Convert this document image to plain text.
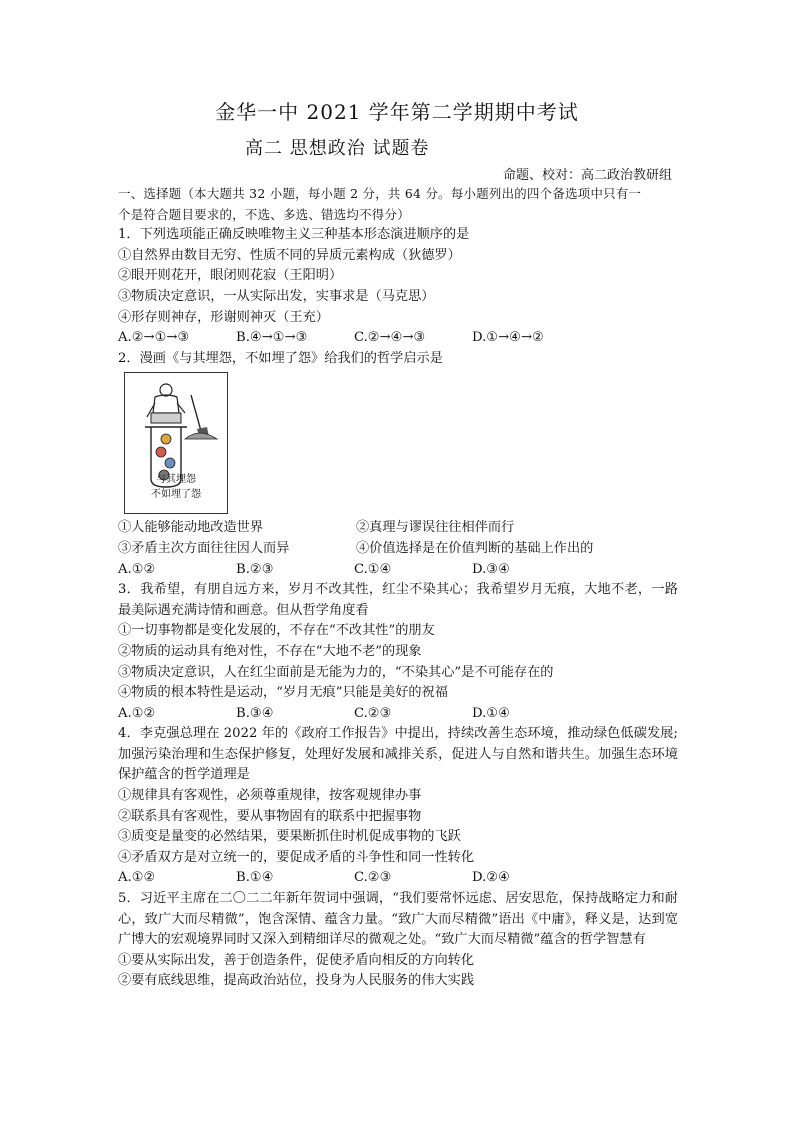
金华一中 2021 学年第二学期期中考试
高二 思想政治 试题卷
命题、校对：高二政治教研组
一、选择题（本大题共 32 小题，每小题 2 分，共 64 分。每小题列出的四个备选项中只有一
个是符合题目要求的，不选、多选、错选均不得分）
1．下列选项能正确反映唯物主义三种基本形态演进顺序的是
①自然界由数目无穷、性质不同的异质元素构成（狄德罗）
②眼开则花开，眼闭则花寂（王阳明）
③物质决定意识，一从实际出发，实事求是（马克思）
④形存则神存，形谢则神灭（王充）
A.②→①→③	B.④→①→③	C.②→④→③	D.①→④→②
2．漫画《与其埋怨，不如埋了怨》给我们的哲学启示是
与其埋怨
不如埋了怨
①人能够能动地改造世界	②真理与谬误往往相伴而行
③矛盾主次方面往往因人而异	④价值选择是在价值判断的基础上作出的
A.①②	B.②③	C.①④	D.③④
3．我希望，有朋自远方来，岁月不改其性，红尘不染其心；我希望岁月无痕，大地不老，一路最美际遇充满诗情和画意。但从哲学角度看
①一切事物都是变化发展的，不存在“不改其性”的朋友
②物质的运动具有绝对性，不存在“大地不老”的现象
③物质决定意识，人在红尘面前是无能为力的，“不染其心”是不可能存在的
④物质的根本特性是运动，“岁月无痕”只能是美好的祝福
A.①②	B.③④	C.②③	D.①④
4．李克强总理在 2022 年的《政府工作报告》中提出，持续改善生态环境，推动绿色低碳发展; 加强污染治理和生态保护修复，处理好发展和减排关系，促进人与自然和谐共生。加强生态环境保护蕴含的哲学道理是
①规律具有客观性，必须尊重规律，按客观规律办事
②联系具有客观性，要从事物固有的联系中把握事物
③质变是量变的必然结果，要果断抓住时机促成事物的飞跃
④矛盾双方是对立统一的，要促成矛盾的斗争性和同一性转化
A.①②	B.①④	C.②③	D.②④
5．习近平主席在二〇二二年新年贺词中强调，“我们要常怀远虑、居安思危，保持战略定力和耐心，致广大而尽精微”，饱含深情、蕴含力量。“致广大而尽精微”语出《中庸》，释义是，达到宽广博大的宏观境界同时又深入到精细详尽的微观之处。“致广大而尽精微”蕴含的哲学智慧有
①要从实际出发，善于创造条件，促使矛盾向相反的方向转化
②要有底线思维，提高政治站位，投身为人民服务的伟大实践
